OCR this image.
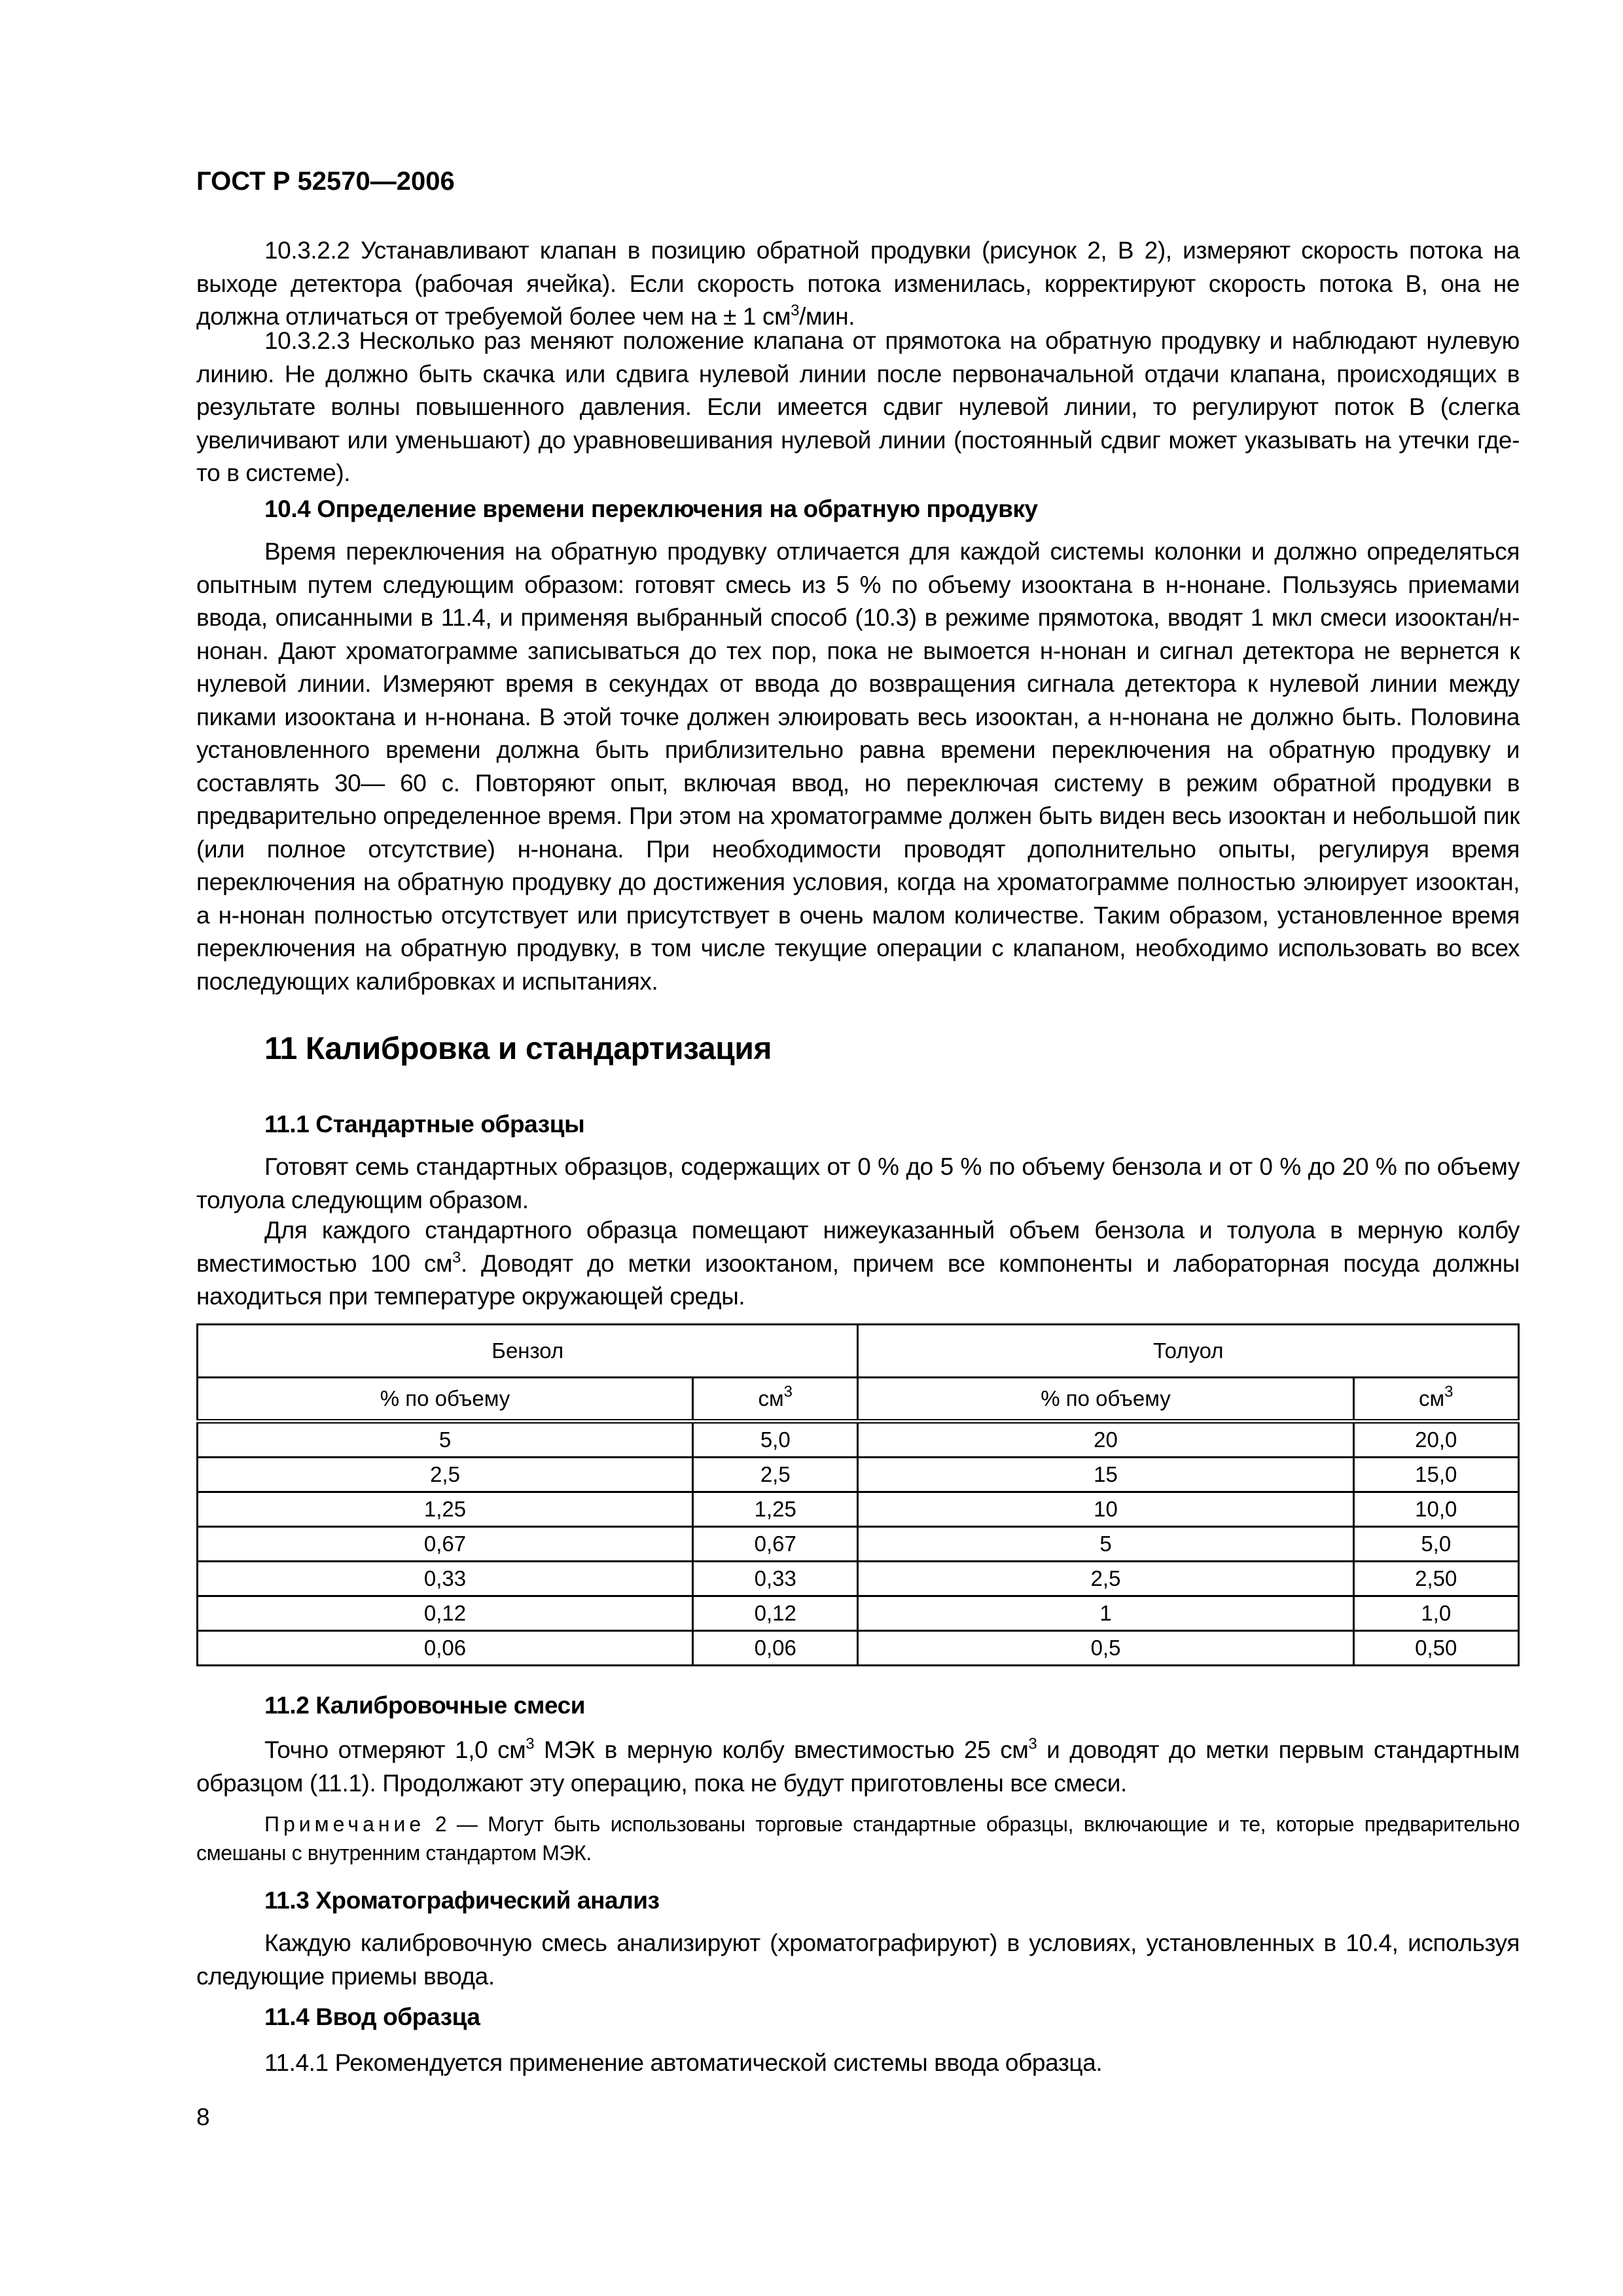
ГОСТ Р 52570—2006

10.3.2.2 Устанавливают клапан в позицию обратной продувки (рисунок 2, В 2), измеряют скорость потока на выходе детектора (рабочая ячейка). Если скорость потока изменилась, корректируют скорость потока В, она не должна отличаться от требуемой более чем на ± 1 $см^3$/мин.

10.3.2.3 Несколько раз меняют положение клапана от прямотока на обратную продувку и наблюдают нулевую линию. Не должно быть скачка или сдвига нулевой линии после первоначальной отдачи клапана, происходящих в результате волны повышенного давления. Если имеется сдвиг нулевой линии, то регулируют поток В (слегка увеличивают или уменьшают) до уравновешивания нулевой линии (постоянный сдвиг может указывать на утечки где-то в системе).

10.4 Определение времени переключения на обратную продувку

Время переключения на обратную продувку отличается для каждой системы колонки и должно определяться опытным путем следующим образом: готовят смесь из 5 % по объему изооктана в н-нонане. Пользуясь приемами ввода, описанными в 11.4, и применяя выбранный способ (10.3) в режиме прямотока, вводят 1 мкл смеси изооктан/н-нонан. Дают хроматограмме записываться до тех пор, пока не вымоется н-нонан и сигнал детектора не вернется к нулевой линии. Измеряют время в секундах от ввода до возвращения сигнала детектора к нулевой линии между пиками изооктана и н-нонана. В этой точке должен элюировать весь изооктан, а н-нонана не должно быть. Половина установленного времени должна быть приблизительно равна времени переключения на обратную продувку и составлять 30— 60 с. Повторяют опыт, включая ввод, но переключая систему в режим обратной продувки в предварительно определенное время. При этом на хроматограмме должен быть виден весь изооктан и небольшой пик (или полное отсутствие) н-нонана. При необходимости проводят дополнительно опыты, регулируя время переключения на обратную продувку до достижения условия, когда на хроматограмме полностью элюирует изооктан, а н-нонан полностью отсутствует или присутствует в очень малом количестве. Таким образом, установленное время переключения на обратную продувку, в том числе текущие операции с клапаном, необходимо использовать во всех последующих калибровках и испытаниях.

11 Калибровка и стандартизация
11.1 Стандартные образцы

Готовят семь стандартных образцов, содержащих от 0 % до 5 % по объему бензола и от 0 % до 20 % по объему толуола следующим образом.

Для каждого стандартного образца помещают нижеуказанный объем бензола и толуола в мерную колбу вместимостью 100 $см^3$. Доводят до метки изооктаном, причем все компоненты и лабораторная посуда должны находиться при температуре окружающей среды.

Бензол		Толуол	
% по объему	$см^3$	% по объему	$см^3$
5	5,0	20	20,0
2,5	2,5	15	15,0
1,25	1,25	10	10,0
0,67	0,67	5	5,0
0,33	0,33	2,5	2,50
0,12	0,12	1	1,0
0,06	0,06	0,5	0,50
11.2 Калибровочные смеси

Точно отмеряют 1,0 $см^3$ МЭК в мерную колбу вместимостью 25 $см^3$ и доводят до метки первым стандартным образцом (11.1). Продолжают эту операцию, пока не будут приготовлены все смеси.

Примечание 2 — Могут быть использованы торговые стандартные образцы, включающие и те, которые предварительно смешаны с внутренним стандартом МЭК.

11.3 Хроматографический анализ

Каждую калибровочную смесь анализируют (хроматографируют) в условиях, установленных в 10.4, используя следующие приемы ввода.

11.4 Ввод образца

11.4.1 Рекомендуется применение автоматической системы ввода образца.

8
